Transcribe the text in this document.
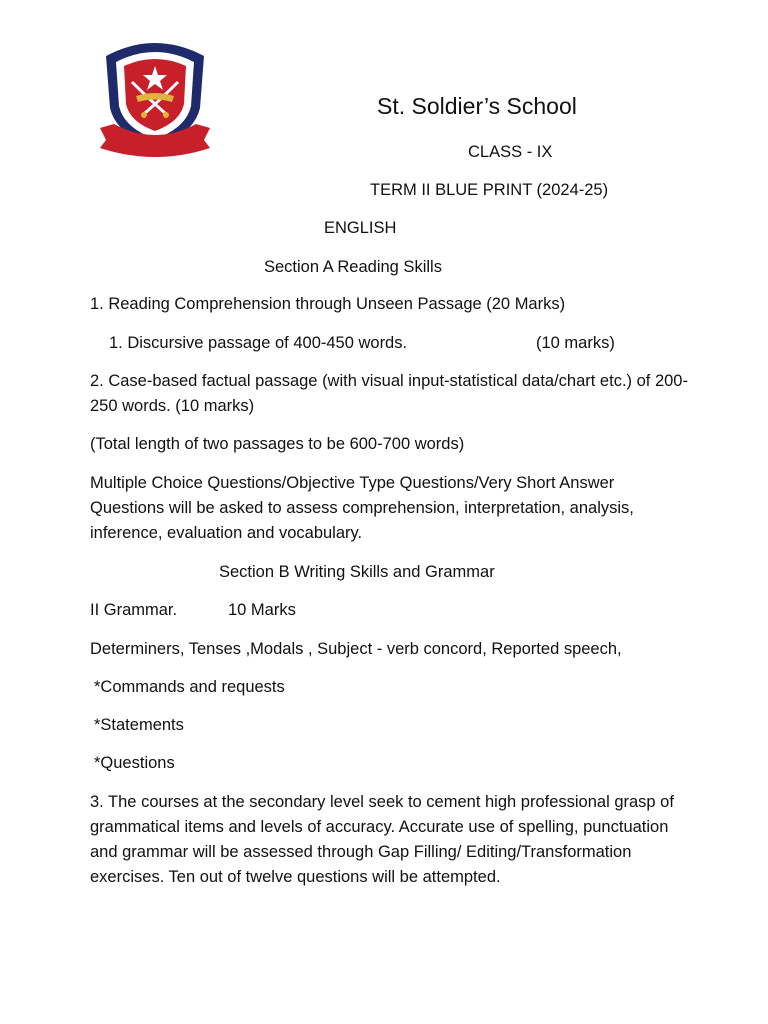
St. Soldier’s School
CLASS - IX
TERM II BLUE PRINT (2024-25)
ENGLISH
Section A Reading Skills
1. Reading Comprehension through Unseen Passage (20 Marks)
1. Discursive passage of 400-450 words.	(10 marks)
2. Case-based factual passage (with visual input-statistical data/chart etc.) of 200-250 words. (10 marks)
(Total length of two passages to be 600-700 words)
Multiple Choice Questions/Objective Type Questions/Very Short Answer Questions will be asked to assess comprehension, interpretation, analysis, inference, evaluation and vocabulary.
Section B Writing Skills and Grammar
II Grammar.	10 Marks
Determiners, Tenses ,Modals , Subject - verb concord, Reported speech,
*Commands and requests
*Statements
*Questions
3. The courses at the secondary level seek to cement high professional grasp of grammatical items and levels of accuracy. Accurate use of spelling, punctuation and grammar will be assessed through Gap Filling/ Editing/Transformation exercises. Ten out of twelve questions will be attempted.
